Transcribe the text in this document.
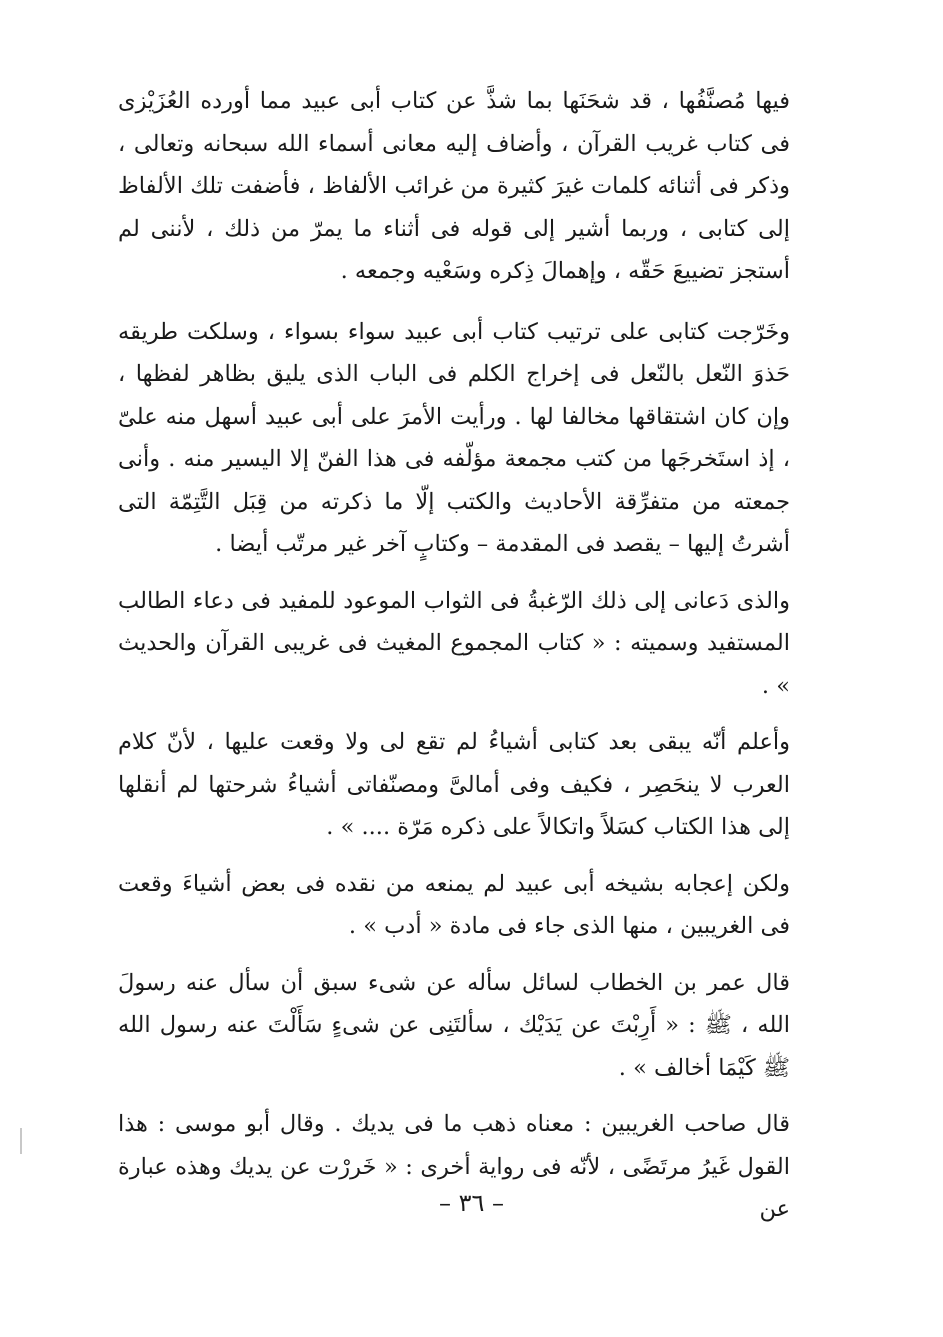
فيها مُصنَّفُها ، قد شحَنَها بما شذَّ عن كتاب أبى عبيد مما أورده العُزَيْزى فى كتاب غريب القرآن ، وأضاف إليه معانى أسماء الله سبحانه وتعالى ، وذكر فى أثنائه كلمات غيرَ كثيرة من غرائب الألفاظ ، فأضفت تلك الألفاظ إلى كتابى ، وربما أشير إلى قوله فى أثناء ما يمرّ من ذلك ، لأننى لم أستجز تضييعَ حَقّه ، وإهمالَ ذِكره وسَعْيه وجمعه .

وخَرّجت كتابى على ترتيب كتاب أبى عبيد سواء بسواء ، وسلكت طريقه حَذوَ النّعل بالنّعل فى إخراج الكلم فى الباب الذى يليق بظاهر لفظها ، وإن كان اشتقاقها مخالفا لها . ورأيت الأمرَ على أبى عبيد أسهل منه علىّ ، إذ استَخرجَها من كتب مجمعة مؤلّفه فى هذا الفنّ إلا اليسير منه . وأنى جمعته من متفرِّقة الأحاديث والكتب إلّا ما ذكرته من قِبَل التَّتِمّة التى أشرتُ إليها – يقصد فى المقدمة – وكتابٍ آخر غير مرتّب أيضا .

والذى دَعانى إلى ذلك الرّغبةُ فى الثواب الموعود للمفيد فى دعاء الطالب المستفيد وسميته : « كتاب المجموع المغيث فى غريبى القرآن والحديث » .

وأعلم أنّه يبقى بعد كتابى أشياءُ لم تقع لى ولا وقعت عليها ، لأنّ كلام العرب لا ينحَصِر ، فكيف وفى أمالىَّ ومصنّفاتى أشياءُ شرحتها لم أنقلها إلى هذا الكتاب كسَلاً واتكالاً على ذكره مَرّة .... » .

ولكن إعجابه بشيخه أبى عبيد لم يمنعه من نقده فى بعض أشياءَ وقعت فى الغريبين ، منها الذى جاء فى مادة « أدب » .

قال عمر بن الخطاب لسائل سأله عن شىء سبق أن سأل عنه رسولَ الله ، ﷺ : « أَرِبْتَ عن يَدَيْك ، سألتَنِى عن شىءٍ سَأَلْتَ عنه رسول الله ﷺ كَيْمَا أخالف » .

قال صاحب الغريبين : معناه ذهب ما فى يديك . وقال أبو موسى : هذا القول غَيرُ مرتَضًى ، لأنّه فى رواية أخرى : « خَررْت عن يديك وهذه عبارة عن

– ٣٦ –
